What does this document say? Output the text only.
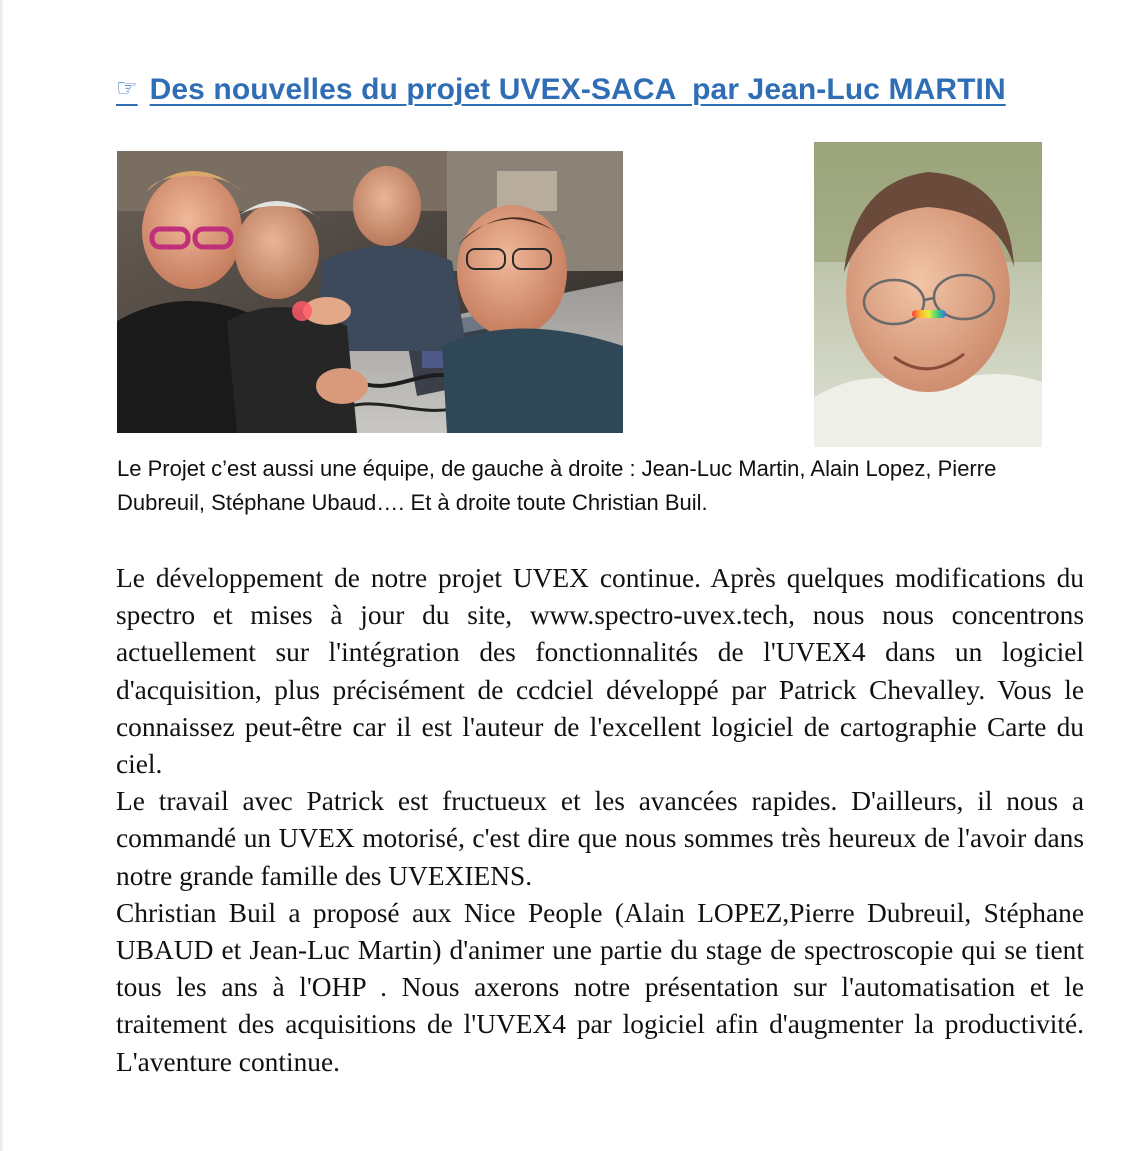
☞ Des nouvelles du projet UVEX-SACA  par Jean-Luc MARTIN
Le Projet c’est aussi une équipe, de gauche à droite : Jean-Luc Martin, Alain Lopez, Pierre Dubreuil, Stéphane Ubaud…. Et à droite toute Christian Buil.

Le développement de notre projet UVEX continue. Après quelques modifications du spectro et mises à jour du site, www.spectro-uvex.tech, nous nous concentrons actuellement sur l'intégration des fonctionnalités de l'UVEX4 dans un logiciel d'acquisition, plus précisément de ccdciel développé par Patrick Chevalley. Vous le connaissez peut-être car il est l'auteur de l'excellent logiciel de cartographie Carte du ciel.

Le travail avec Patrick est fructueux et les avancées rapides. D'ailleurs, il nous a commandé un UVEX motorisé, c'est dire que nous sommes très heureux de l'avoir dans notre grande famille des UVEXIENS.

Christian Buil a proposé aux Nice People (Alain LOPEZ,Pierre Dubreuil, Stéphane UBAUD et Jean-Luc Martin) d'animer une partie du stage de spectroscopie qui se tient tous les ans à l'OHP . Nous axerons notre présentation sur l'automatisation et le traitement des acquisitions de l'UVEX4 par logiciel afin d'augmenter la productivité. L'aventure continue.
